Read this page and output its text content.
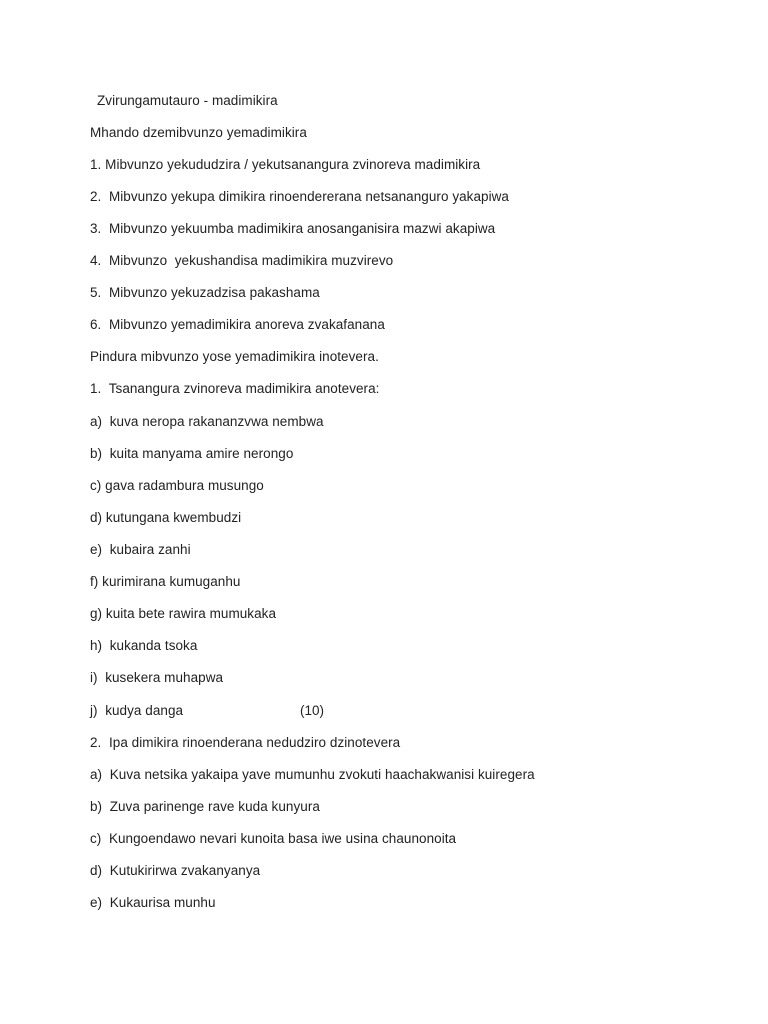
Zvirungamutauro - madimikira
Mhando dzemibvunzo yemadimikira
1. Mibvunzo yekududzira / yekutsanangura zvinoreva madimikira
2.  Mibvunzo yekupa dimikira rinoendererana netsananguro yakapiwa
3.  Mibvunzo yekuumba madimikira anosanganisira mazwi akapiwa
4.  Mibvunzo  yekushandisa madimikira muzvirevo
5.  Mibvunzo yekuzadzisa pakashama
6.  Mibvunzo yemadimikira anoreva zvakafanana
Pindura mibvunzo yose yemadimikira inotevera.
1.  Tsanangura zvinoreva madimikira anotevera:
a)  kuva neropa rakananzvwa nembwa
b)  kuita manyama amire nerongo
c) gava radambura musungo
d) kutungana kwembudzi
e)  kubaira zanhi
f) kurimirana kumuganhu
g) kuita bete rawira mumukaka
h)  kukanda tsoka
i)  kusekera muhapwa
j)  kudya danga	(10)
2.  Ipa dimikira rinoenderana nedudziro dzinotevera
a)  Kuva netsika yakaipa yave mumunhu zvokuti haachakwanisi kuiregera
b)  Zuva parinenge rave kuda kunyura
c)  Kungoendawo nevari kunoita basa iwe usina chaunonoita
d)  Kutukirirwa zvakanyanya
e)  Kukaurisa munhu
